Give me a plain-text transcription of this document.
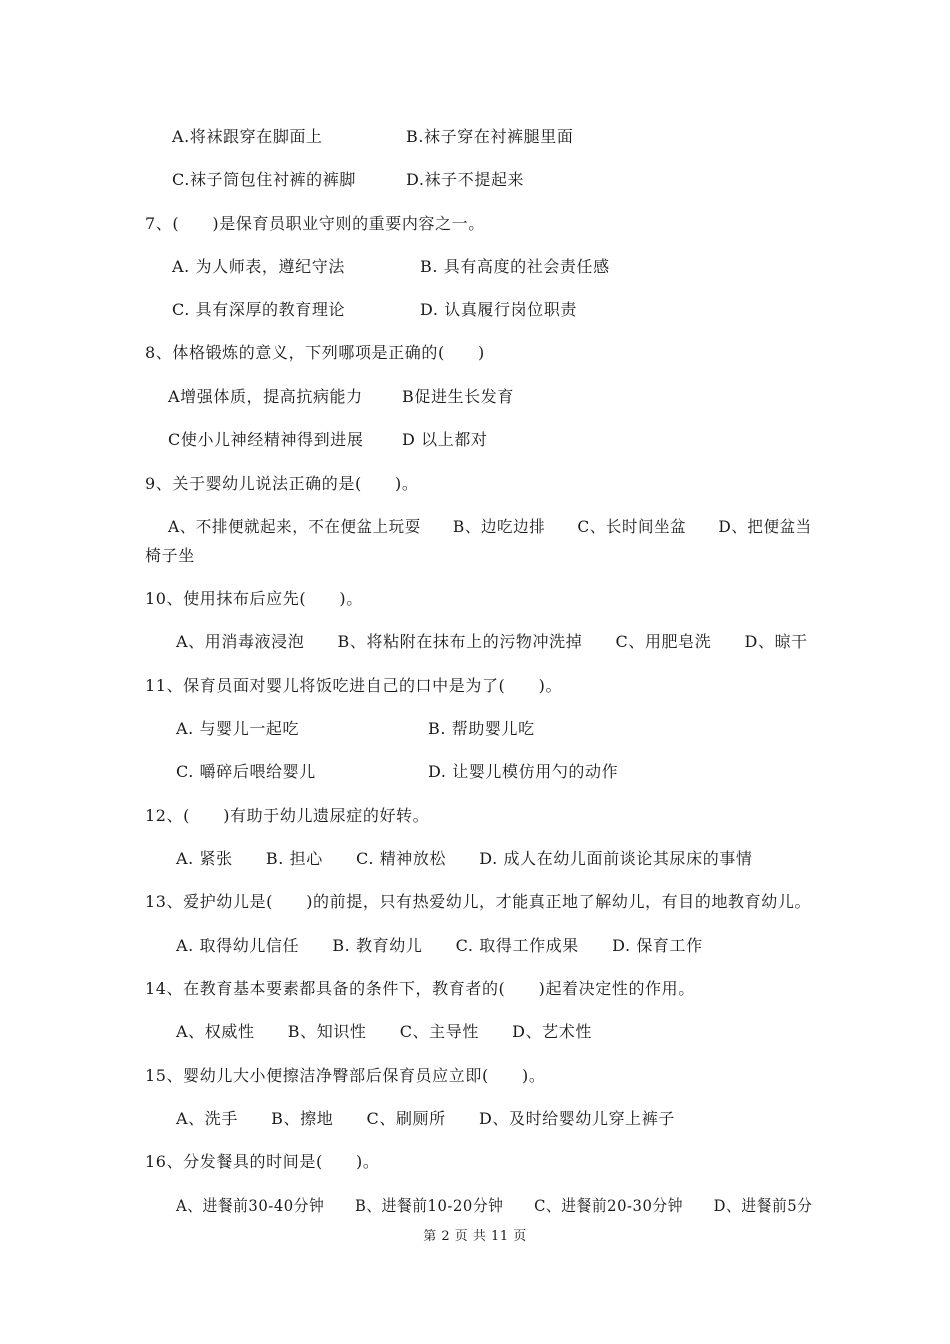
A.将袜跟穿在脚面上	B.袜子穿在衬裤腿里面
C.袜子筒包住衬裤的裤脚	D.袜子不提起来
7、(　　)是保育员职业守则的重要内容之一。
A. 为人师表，遵纪守法	B. 具有高度的社会责任感
C. 具有深厚的教育理论	D. 认真履行岗位职责
8、体格锻炼的意义，下列哪项是正确的(　　)
A增强体质，提高抗病能力 B促进生长发育
C使小儿神经精神得到进展 D 以上都对
9、关于婴幼儿说法正确的是(　　)。
A、不排便就起来，不在便盆上玩耍　　B、边吃边排　　C、长时间坐盆　　D、把便盆当
椅子坐
10、使用抹布后应先(　　)。
A、用消毒液浸泡　　B、将粘附在抹布上的污物冲洗掉　　C、用肥皂洗　　D、晾干
11、保育员面对婴儿将饭吃进自己的口中是为了(　　)。
A. 与婴儿一起吃	B. 帮助婴儿吃
C. 嚼碎后喂给婴儿	D. 让婴儿模仿用勺的动作
12、(　　)有助于幼儿遗尿症的好转。
A. 紧张　　B. 担心　　C. 精神放松　　D. 成人在幼儿面前谈论其尿床的事情
13、爱护幼儿是(　　)的前提，只有热爱幼儿，才能真正地了解幼儿，有目的地教育幼儿。
A. 取得幼儿信任　　B. 教育幼儿　　C. 取得工作成果　　D. 保育工作
14、在教育基本要素都具备的条件下，教育者的(　　)起着决定性的作用。
A、权威性　　B、知识性　　C、主导性　　D、艺术性
15、婴幼儿大小便擦洁净臀部后保育员应立即(　　)。
A、洗手　　B、擦地　　C、刷厕所　　D、及时给婴幼儿穿上裤子
16、分发餐具的时间是(　　)。
A、进餐前30-40分钟　　B、进餐前10-20分钟　　C、进餐前20-30分钟　　D、进餐前5分
第 2 页 共 11 页
